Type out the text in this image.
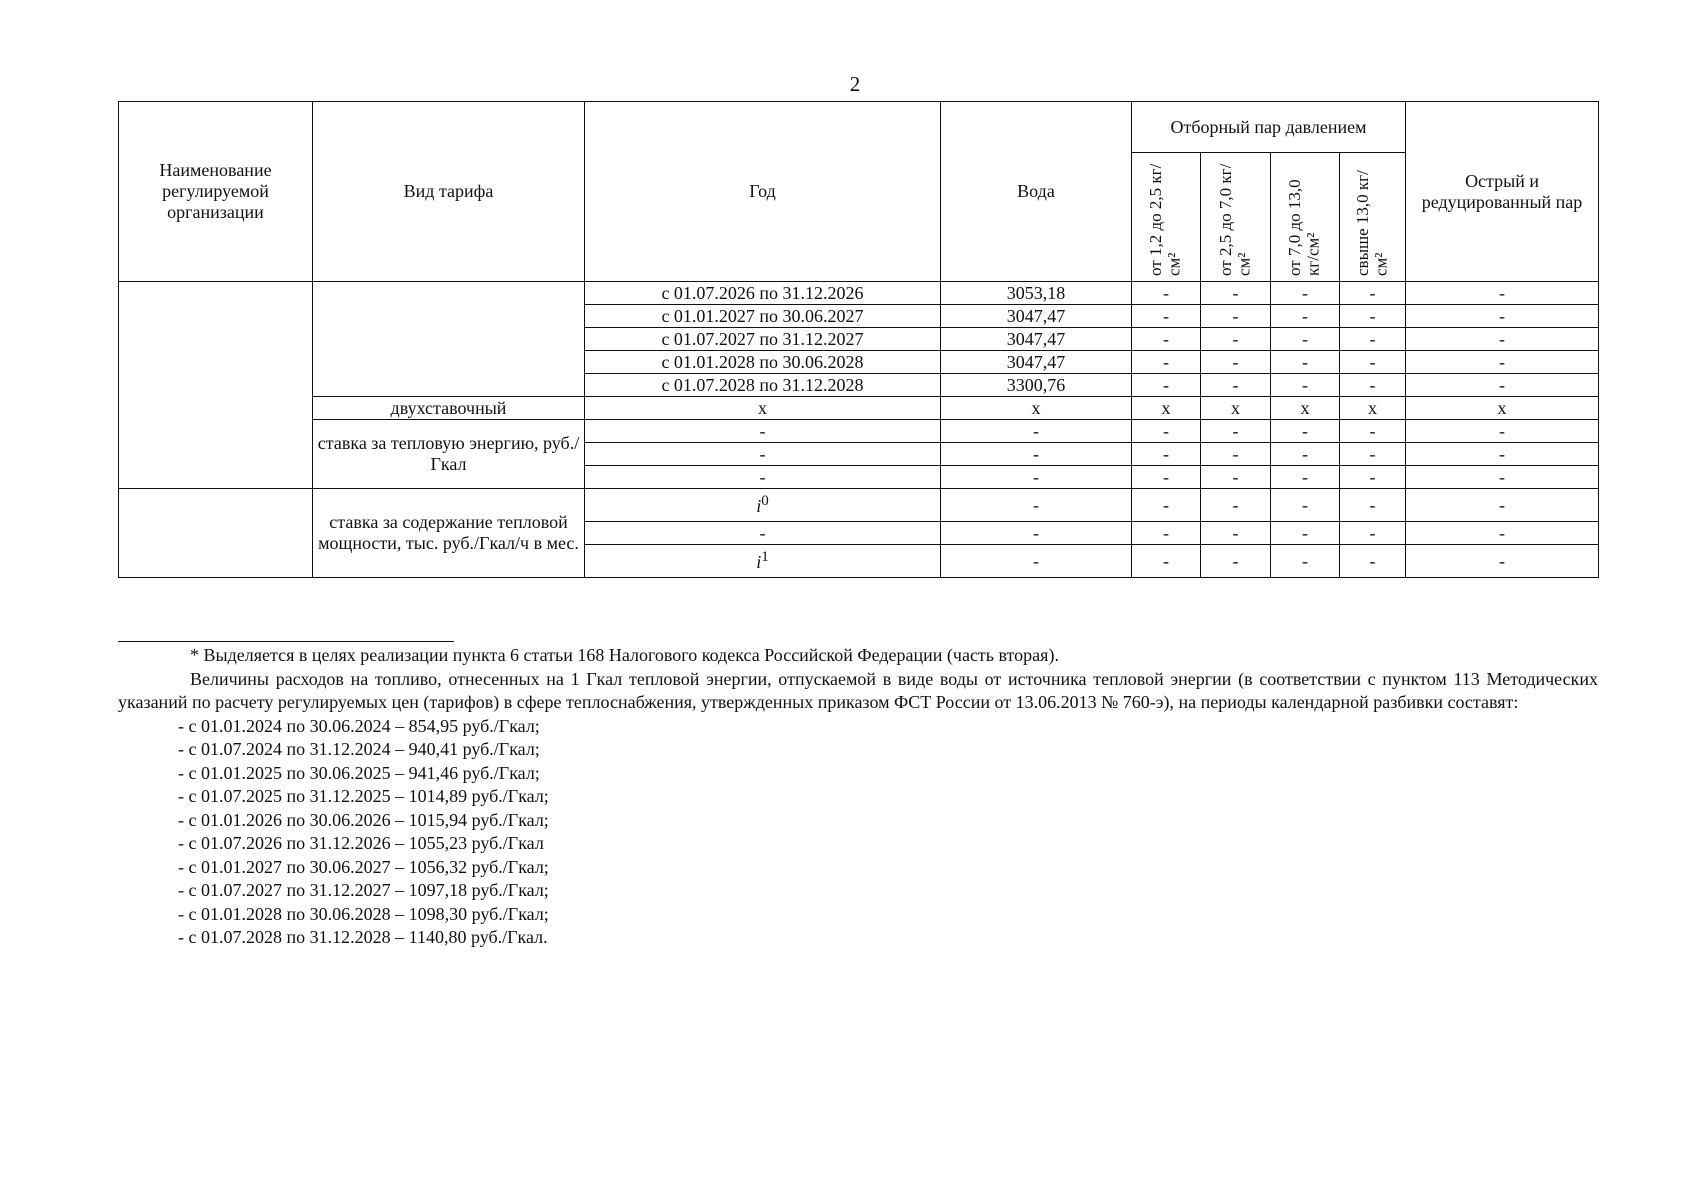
2
Наименование регулируемой организации	Вид тарифа	Год	Вода	Отборный пар давлением				Острый и редуцированный пар

				от 1,2 до 2,5 кг/см²	от 2,5 до 7,0 кг/см²	от 7,0 до 13,0 кг/см²	свыше 13,0 кг/см²	

		с 01.07.2026 по 31.12.2026	3053,18	-	-	-	-	-
		с 01.01.2027 по 30.06.2027	3047,47	-	-	-	-	-
		с 01.07.2027 по 31.12.2027	3047,47	-	-	-	-	-
		с 01.01.2028 по 30.06.2028	3047,47	-	-	-	-	-
		с 01.07.2028 по 31.12.2028	3300,76	-	-	-	-	-
	двухставочный	х	х	х	х	х	х	х
	ставка за тепловую энергию, руб./Гкал	-	-	-	-	-	-	-
		-	-	-	-	-	-	-
		-	-	-	-	-	-	-
	ставка за содержание тепловой мощности, тыс. руб./Гкал/ч в мес.	$i^0$	-	-	-	-	-	-
		-	-	-	-	-	-	-
		$i^1$	-	-	-	-	-	-

* Выделяется в целях реализации пункта 6 статьи 168 Налогового кодекса Российской Федерации (часть вторая).

Величины расходов на топливо, отнесенных на 1 Гкал тепловой энергии, отпускаемой в виде воды от источника тепловой энергии (в соответствии с пунктом 113 Методических указаний по расчету регулируемых цен (тарифов) в сфере теплоснабжения, утвержденных приказом ФСТ России от 13.06.2013 № 760-э), на периоды календарной разбивки составят:

- с 01.01.2024 по 30.06.2024 – 854,95 руб./Гкал;
- с 01.07.2024 по 31.12.2024 – 940,41 руб./Гкал;
- с 01.01.2025 по 30.06.2025 – 941,46 руб./Гкал;
- с 01.07.2025 по 31.12.2025 – 1014,89 руб./Гкал;
- с 01.01.2026 по 30.06.2026 – 1015,94 руб./Гкал;
- с 01.07.2026 по 31.12.2026 – 1055,23 руб./Гкал
- с 01.01.2027 по 30.06.2027 – 1056,32 руб./Гкал;
- с 01.07.2027 по 31.12.2027 – 1097,18 руб./Гкал;
- с 01.01.2028 по 30.06.2028 – 1098,30 руб./Гкал;
- с 01.07.2028 по 31.12.2028 – 1140,80 руб./Гкал.
